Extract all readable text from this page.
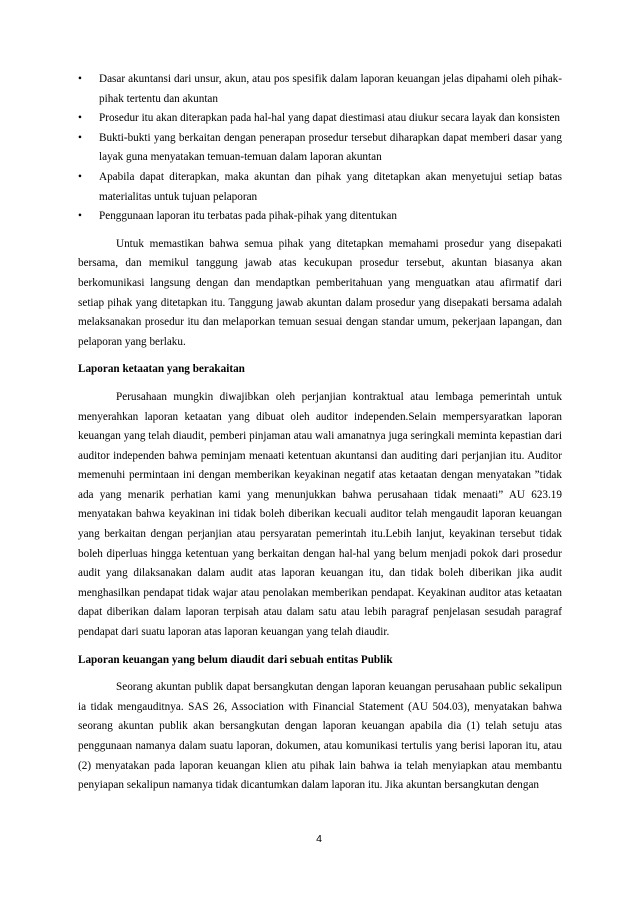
•	Dasar akuntansi dari unsur, akun, atau pos spesifik dalam laporan keuangan jelas dipahami oleh pihak-pihak tertentu dan akuntan
•	Prosedur itu akan diterapkan pada hal-hal yang dapat diestimasi atau diukur secara layak dan konsisten
•	Bukti-bukti yang berkaitan dengan penerapan prosedur tersebut diharapkan dapat memberi dasar yang layak guna menyatakan temuan-temuan dalam laporan akuntan
•	Apabila dapat diterapkan, maka akuntan dan pihak yang ditetapkan akan menyetujui setiap batas materialitas untuk tujuan pelaporan
•	Penggunaan laporan itu terbatas pada pihak-pihak yang ditentukan

Untuk memastikan bahwa semua pihak yang ditetapkan memahami prosedur yang disepakati bersama, dan memikul tanggung jawab atas kecukupan prosedur tersebut, akuntan biasanya akan berkomunikasi langsung dengan dan mendaptkan pemberitahuan yang menguatkan atau afirmatif dari setiap pihak yang ditetapkan itu. Tanggung jawab akuntan dalam prosedur yang disepakati bersama adalah melaksanakan prosedur itu dan melaporkan temuan sesuai dengan standar umum, pekerjaan lapangan, dan pelaporan yang berlaku.

Laporan ketaatan yang berakaitan

Perusahaan mungkin diwajibkan oleh perjanjian kontraktual atau lembaga pemerintah untuk menyerahkan laporan ketaatan yang dibuat oleh auditor independen.Selain mempersyaratkan laporan keuangan yang telah diaudit, pemberi pinjaman atau wali amanatnya juga seringkali meminta kepastian dari auditor independen bahwa peminjam menaati ketentuan akuntansi dan auditing dari perjanjian itu. Auditor memenuhi permintaan ini dengan memberikan keyakinan negatif atas ketaatan dengan menyatakan ”tidak ada yang menarik perhatian kami yang menunjukkan bahwa perusahaan tidak menaati” AU 623.19 menyatakan bahwa keyakinan ini tidak boleh diberikan kecuali auditor telah mengaudit laporan keuangan yang berkaitan dengan perjanjian atau persyaratan pemerintah itu.Lebih lanjut, keyakinan tersebut tidak boleh diperluas hingga ketentuan yang berkaitan dengan hal-hal yang belum menjadi pokok dari prosedur audit yang dilaksanakan dalam audit atas laporan keuangan itu, dan tidak boleh diberikan jika audit menghasilkan pendapat tidak wajar atau penolakan memberikan pendapat. Keyakinan auditor atas ketaatan dapat diberikan dalam laporan terpisah atau dalam satu atau lebih paragraf penjelasan sesudah paragraf pendapat dari suatu laporan atas laporan keuangan yang telah diaudir.

Laporan keuangan yang belum diaudit dari sebuah entitas Publik

Seorang akuntan publik dapat bersangkutan dengan laporan keuangan perusahaan public sekalipun ia tidak mengauditnya. SAS 26, Association with Financial Statement (AU 504.03), menyatakan bahwa seorang akuntan publik akan bersangkutan dengan laporan keuangan apabila dia (1) telah setuju atas penggunaan namanya dalam suatu laporan, dokumen, atau komunikasi tertulis yang berisi laporan itu, atau (2) menyatakan pada laporan keuangan klien atu pihak lain bahwa ia telah menyiapkan atau membantu penyiapan sekalipun namanya tidak dicantumkan dalam laporan itu. Jika akuntan bersangkutan dengan

4
